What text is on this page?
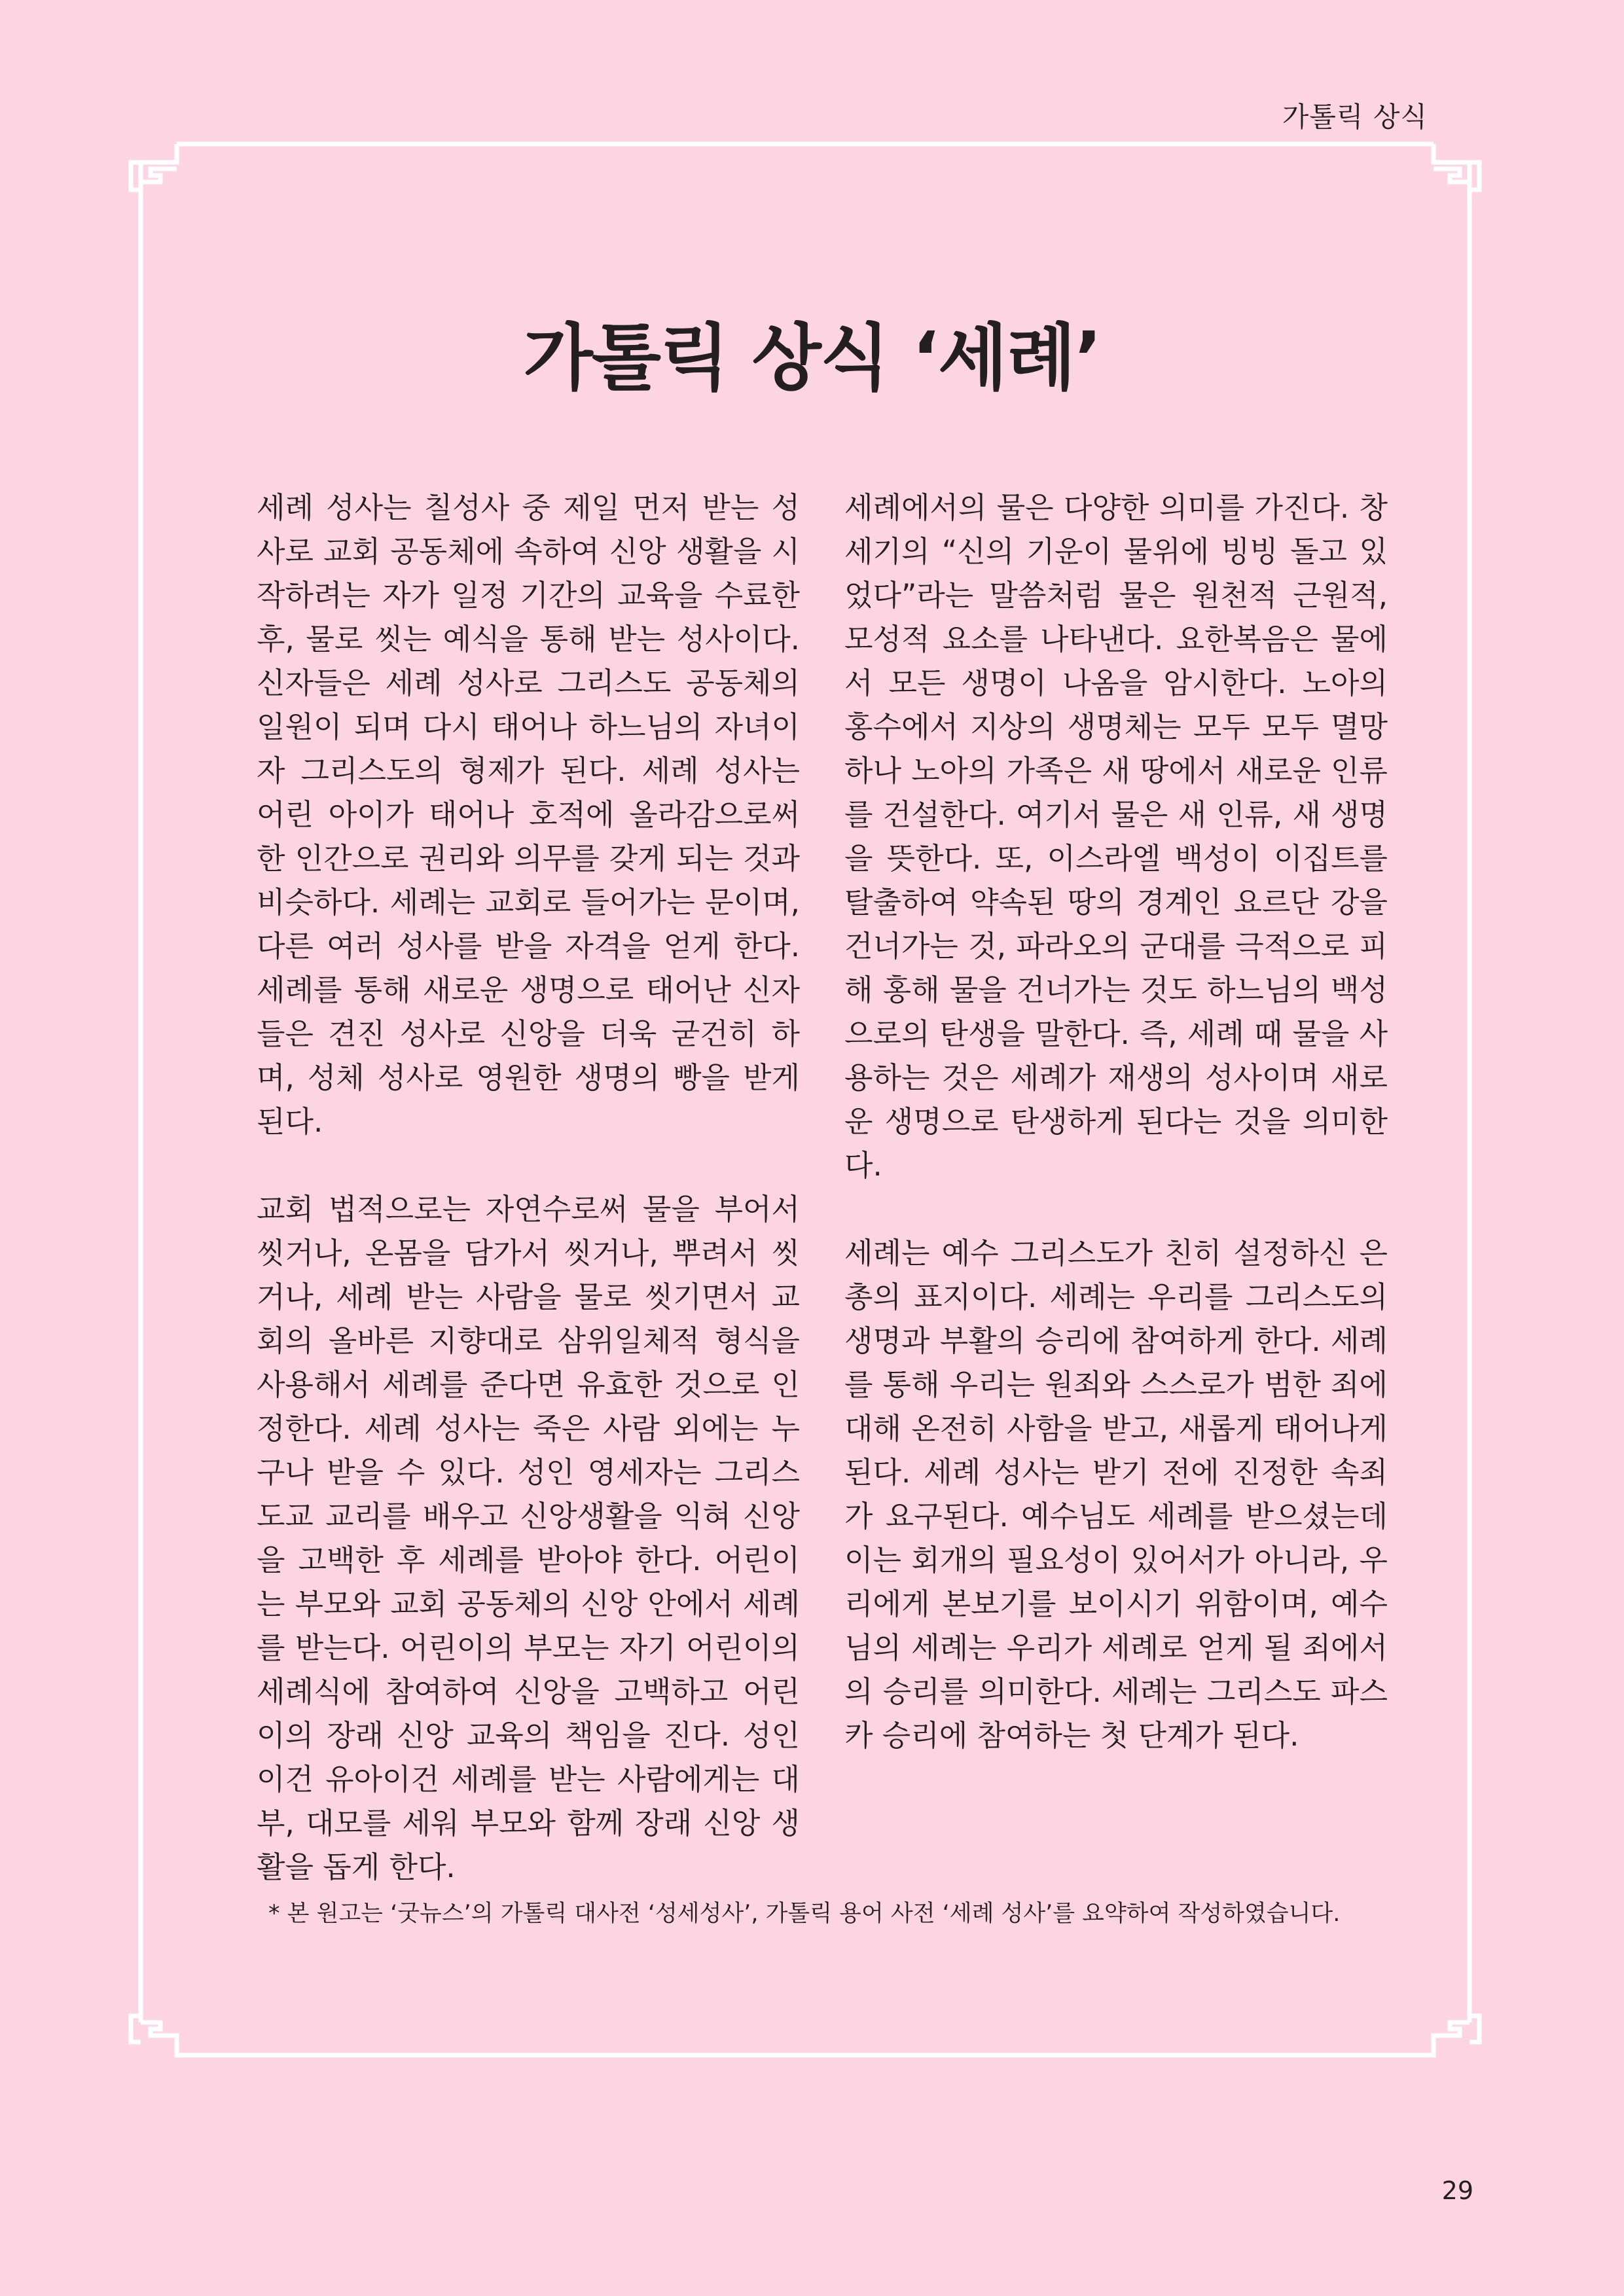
가톨릭 상식
가톨릭 상식 ‘세례’

세례 성사는 칠성사 중 제일 먼저 받는 성사로 교회 공동체에 속하여 신앙 생활을 시작하려는 자가 일정 기간의 교육을 수료한 후, 물로 씻는 예식을 통해 받는 성사이다. 신자들은 세례 성사로 그리스도 공동체의 일원이 되며 다시 태어나 하느님의 자녀이자 그리스도의 형제가 된다. 세례 성사는 어린 아이가 태어나 호적에 올라감으로써 한 인간으로 권리와 의무를 갖게 되는 것과 비슷하다. 세례는 교회로 들어가는 문이며, 다른 여러 성사를 받을 자격을 얻게 한다. 세례를 통해 새로운 생명으로 태어난 신자들은 견진 성사로 신앙을 더욱 굳건히 하며, 성체 성사로 영원한 생명의 빵을 받게 된다.

교회 법적으로는 자연수로써 물을 부어서 씻거나, 온몸을 담가서 씻거나, 뿌려서 씻거나, 세례 받는 사람을 물로 씻기면서 교회의 올바른 지향대로 삼위일체적 형식을 사용해서 세례를 준다면 유효한 것으로 인정한다. 세례 성사는 죽은 사람 외에는 누구나 받을 수 있다. 성인 영세자는 그리스도교 교리를 배우고 신앙생활을 익혀 신앙을 고백한 후 세례를 받아야 한다. 어린이는 부모와 교회 공동체의 신앙 안에서 세례를 받는다. 어린이의 부모는 자기 어린이의 세례식에 참여하여 신앙을 고백하고 어린이의 장래 신앙 교육의 책임을 진다. 성인이건 유아이건 세례를 받는 사람에게는 대부, 대모를 세워 부모와 함께 장래 신앙 생활을 돕게 한다.

세례에서의 물은 다양한 의미를 가진다. 창세기의 “신의 기운이 물위에 빙빙 돌고 있었다”라는 말씀처럼 물은 원천적 근원적, 모성적 요소를 나타낸다. 요한복음은 물에서 모든 생명이 나옴을 암시한다. 노아의 홍수에서 지상의 생명체는 모두 모두 멸망하나 노아의 가족은 새 땅에서 새로운 인류를 건설한다. 여기서 물은 새 인류, 새 생명을 뜻한다. 또, 이스라엘 백성이 이집트를 탈출하여 약속된 땅의 경계인 요르단 강을 건너가는 것, 파라오의 군대를 극적으로 피해 홍해 물을 건너가는 것도 하느님의 백성으로의 탄생을 말한다. 즉, 세례 때 물을 사용하는 것은 세례가 재생의 성사이며 새로운 생명으로 탄생하게 된다는 것을 의미한다.

세례는 예수 그리스도가 친히 설정하신 은총의 표지이다. 세례는 우리를 그리스도의 생명과 부활의 승리에 참여하게 한다. 세례를 통해 우리는 원죄와 스스로가 범한 죄에 대해 온전히 사함을 받고, 새롭게 태어나게 된다. 세례 성사는 받기 전에 진정한 속죄가 요구된다. 예수님도 세례를 받으셨는데 이는 회개의 필요성이 있어서가 아니라, 우리에게 본보기를 보이시기 위함이며, 예수님의 세례는 우리가 세례로 얻게 될 죄에서의 승리를 의미한다. 세례는 그리스도 파스카 승리에 참여하는 첫 단계가 된다.

* 본 원고는 ‘굿뉴스’의 가톨릭 대사전 ‘성세성사’, 가톨릭 용어 사전 ‘세례 성사’를 요약하여 작성하였습니다.
29
